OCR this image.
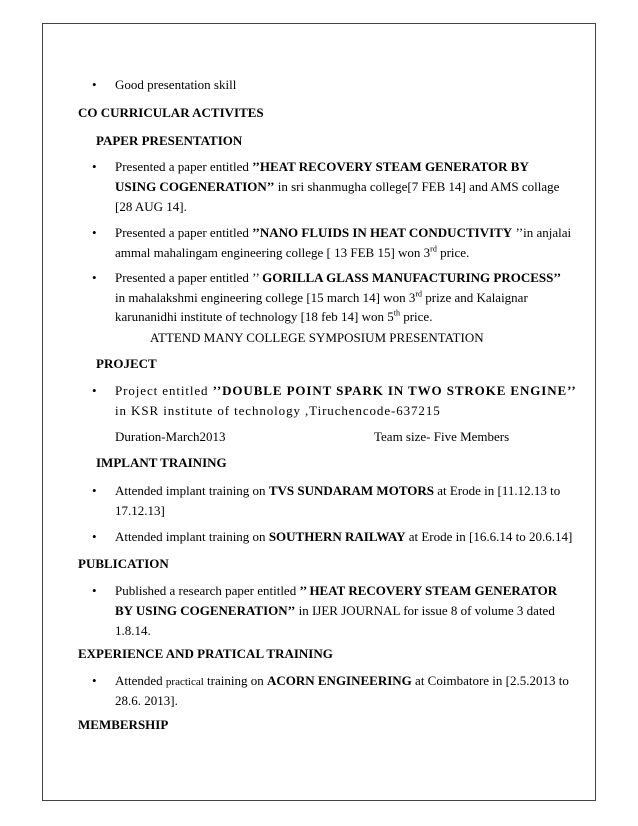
• Good presentation skill
CO CURRICULAR ACTIVITES
PAPER PRESENTATION
• Presented a paper entitled ’’HEAT RECOVERY STEAM GENERATOR BY
USING COGENERATION’’ in sri shanmugha college[7 FEB 14] and AMS collage
[28 AUG 14].
• Presented a paper entitled ’’NANO FLUIDS IN HEAT CONDUCTIVITY ’’in anjalai
ammal mahalingam engineering college [ 13 FEB 15] won 3rd price.
• Presented a paper entitled ’’ GORILLA GLASS MANUFACTURING PROCESS’’
in mahalakshmi engineering college [15 march 14] won 3rd prize and Kalaignar
karunanidhi institute of technology [18 feb 14] won 5th price.
ATTEND MANY COLLEGE SYMPOSIUM PRESENTATION
PROJECT
• Project entitled ’’DOUBLE POINT SPARK IN TWO STROKE ENGINE’’
in KSR institute of technology ,Tiruchencode-637215
Duration-March2013	Team size- Five Members
IMPLANT TRAINING
• Attended implant training on TVS SUNDARAM MOTORS at Erode in [11.12.13 to
17.12.13]
• Attended implant training on SOUTHERN RAILWAY at Erode in [16.6.14 to 20.6.14]
PUBLICATION
• Published a research paper entitled ’’ HEAT RECOVERY STEAM GENERATOR
BY USING COGENERATION’’ in IJER JOURNAL for issue 8 of volume 3 dated
1.8.14.
EXPERIENCE AND PRATICAL TRAINING
• Attended practical training on ACORN ENGINEERING at Coimbatore in [2.5.2013 to
28.6. 2013].
MEMBERSHIP
